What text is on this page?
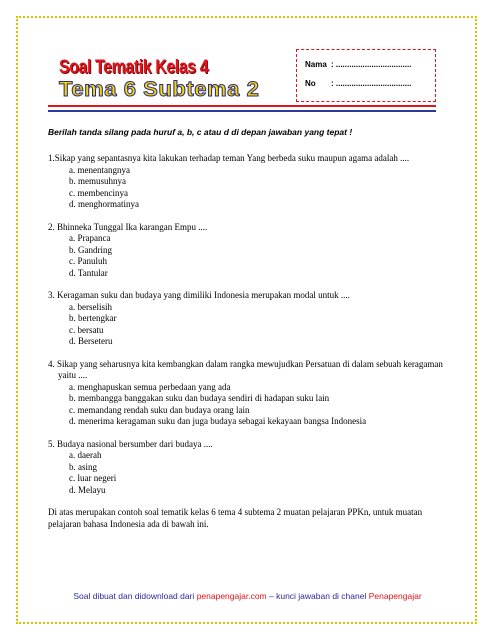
Soal Tematik Kelas 4
Tema 6 Subtema 2
Nama : ..................................
No : ..................................
Berilah tanda silang pada huruf a, b, c atau d di depan jawaban yang tepat !
1.Sikap yang sepantasnya kita lakukan terhadap teman Yang berbeda suku maupun agama adalah ....
a. menentangnya
b. memusuhnya
c. membencinya
d. menghormatinya
2. Bhinneka Tunggal Ika karangan Empu ....
a. Prapanca
b. Gandring
c. Panuluh
d. Tantular
3. Keragaman suku dan budaya yang dimiliki Indonesia merupakan modal untuk ....
a. berselisih
b. bertengkar
c. bersatu
d. Berseteru
4. Sikap yang seharusnya kita kembangkan dalam rangka mewujudkan Persatuan di dalam sebuah keragaman yaitu ....
a. menghapuskan semua perbedaan yang ada
b. membangga banggakan suku dan budaya sendiri di hadapan suku lain
c. memandang rendah suku dan budaya orang lain
d. menerima keragaman suku dan juga budaya sebagai kekayaan bangsa Indonesia
5. Budaya nasional bersumber dari budaya ....
a. daerah
b. asing
c. luar negeri
d. Melayu
Di atas merupakan contoh soal tematik kelas 6 tema 4 subtema 2 muatan pelajaran PPKn, untuk muatan pelajaran bahasa Indonesia ada di bawah ini.
Soal dibuat dan didownload dari penapengajar.com – kunci jawaban di chanel Penapengajar
